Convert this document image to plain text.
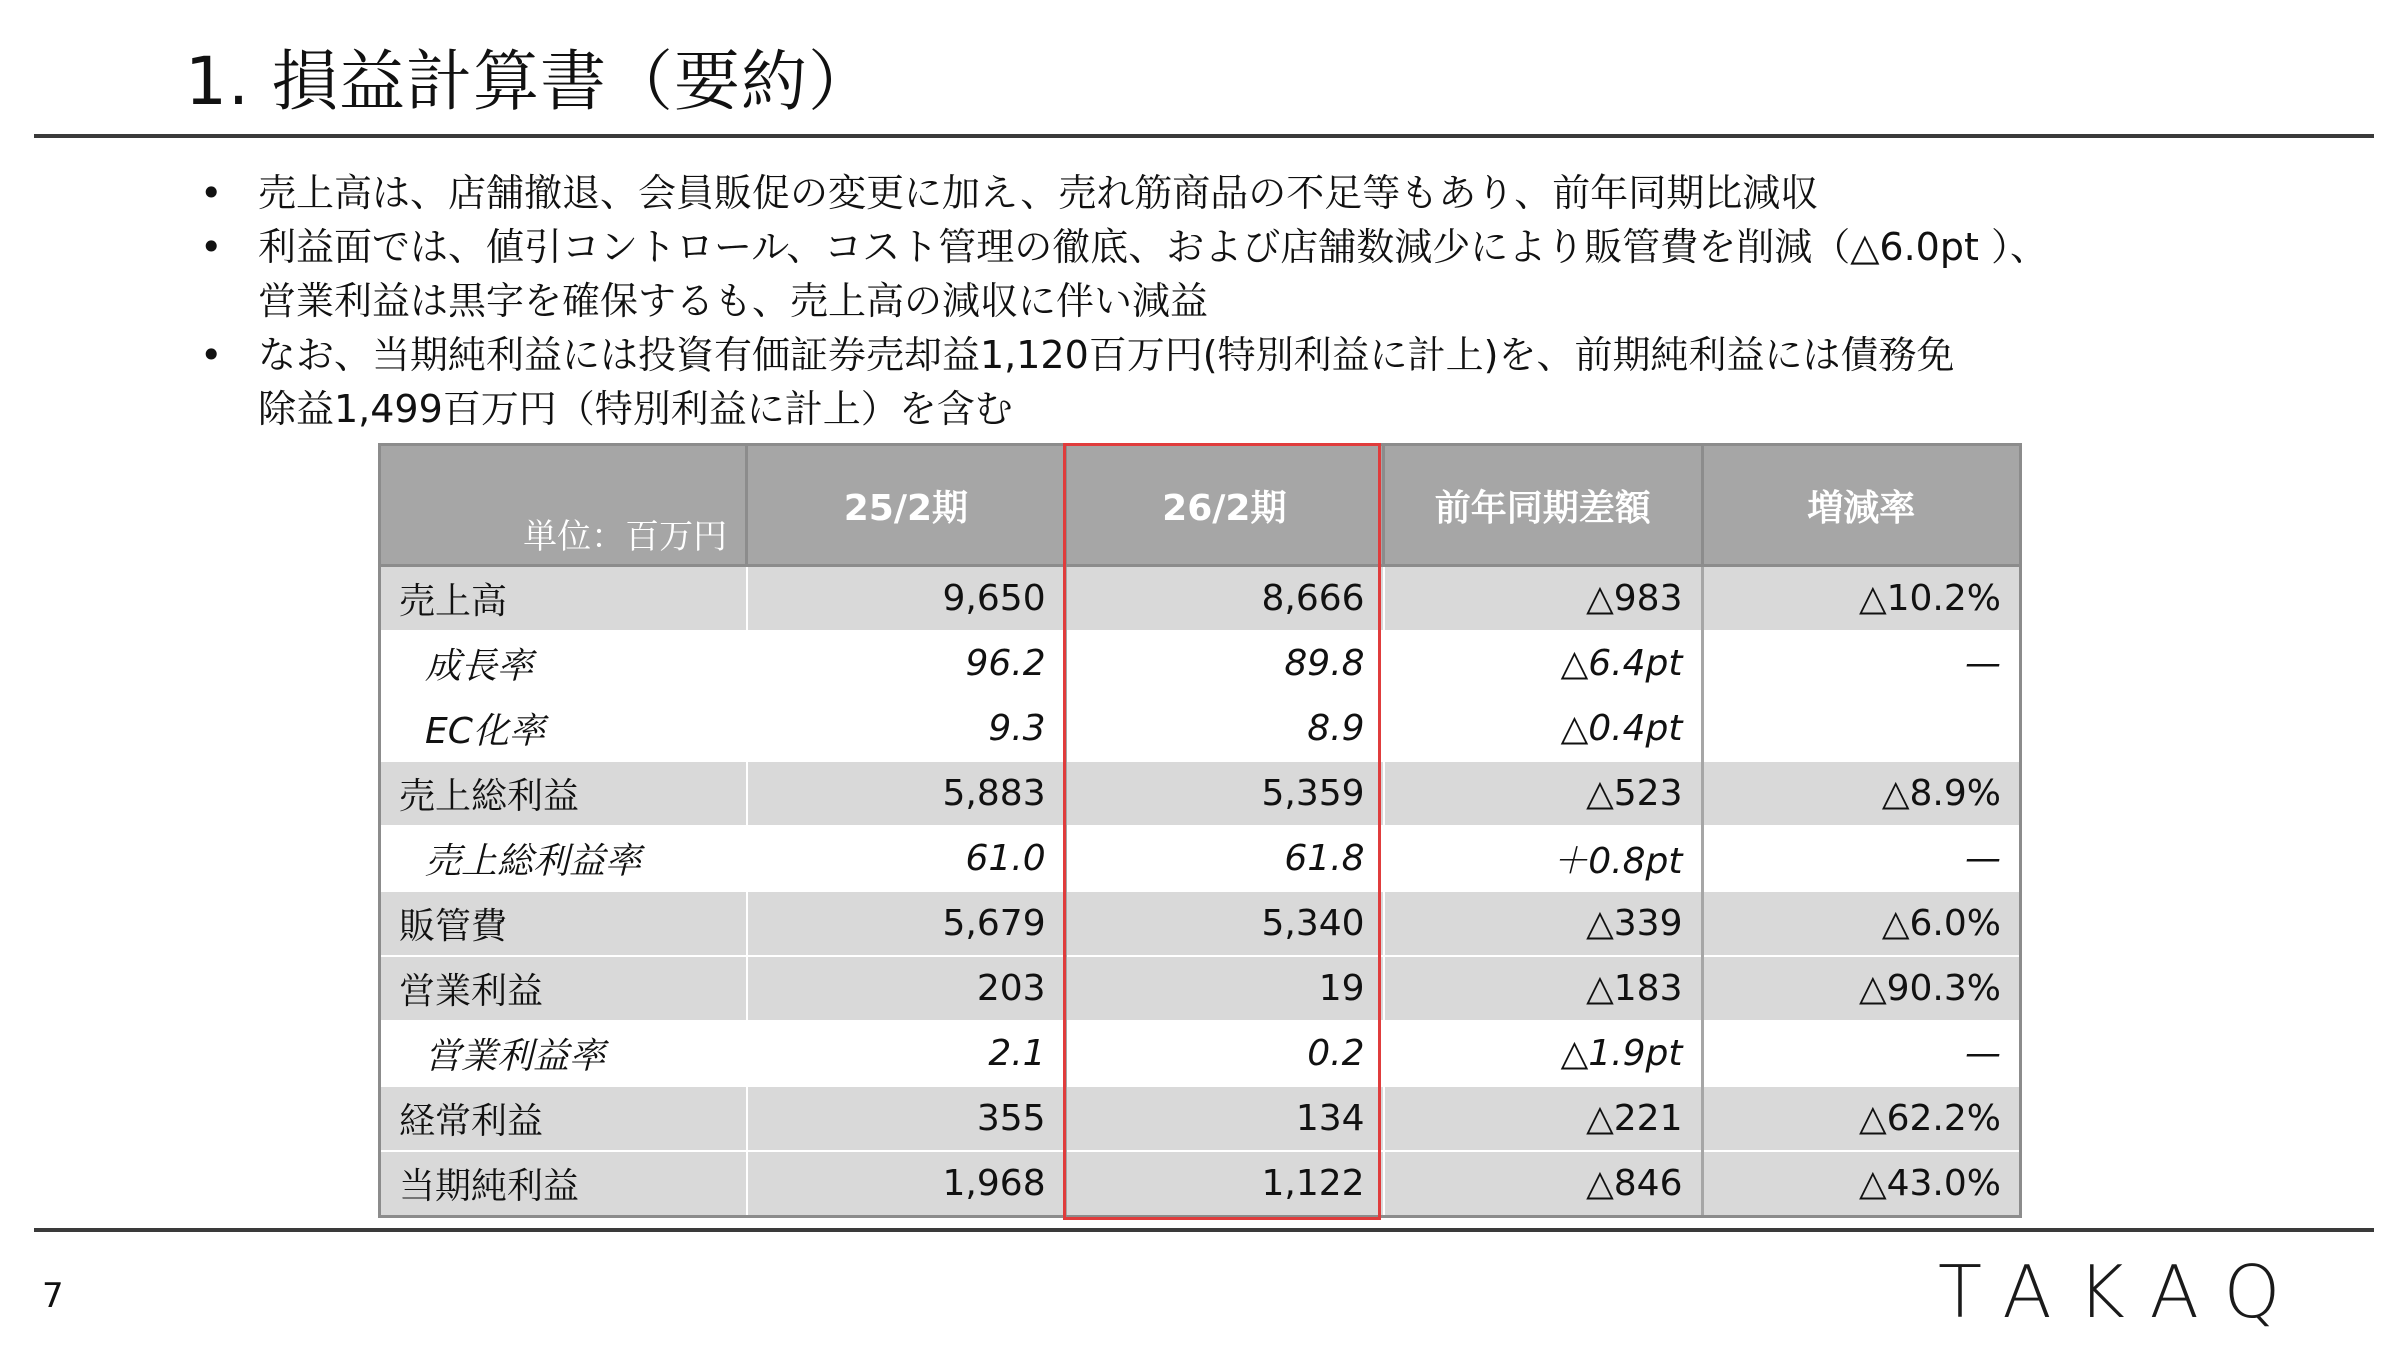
1. 損益計算書（要約）
• 売上高は、店舗撤退、会員販促の変更に加え、売れ筋商品の不足等もあり、前年同期比減収
• 利益面では、値引コントロール、コスト管理の徹底、および店舗数減少により販管費を削減（△6.0pt ）、
営業利益は黒字を確保するも、売上高の減収に伴い減益
• なお、当期純利益には投資有価証券売却益1,120百万円(特別利益に計上)を、前期純利益には債務免
除益1,499百万円（特別利益に計上）を含む
単位：百万円	25/2期	26/2期	前年同期差額	増減率
売上高	9,650	8,666	△983	△10.2%
成長率	96.2	89.8	△6.4pt	—
EC化率	9.3	8.9	△0.4pt	
売上総利益	5,883	5,359	△523	△8.9%
売上総利益率	61.0	61.8	＋0.8pt	—
販管費	5,679	5,340	△339	△6.0%
営業利益	203	19	△183	△90.3%
営業利益率	2.1	0.2	△1.9pt	—
経常利益	355	134	△221	△62.2%
当期純利益	1,968	1,122	△846	△43.0%
7	TAKAQ
